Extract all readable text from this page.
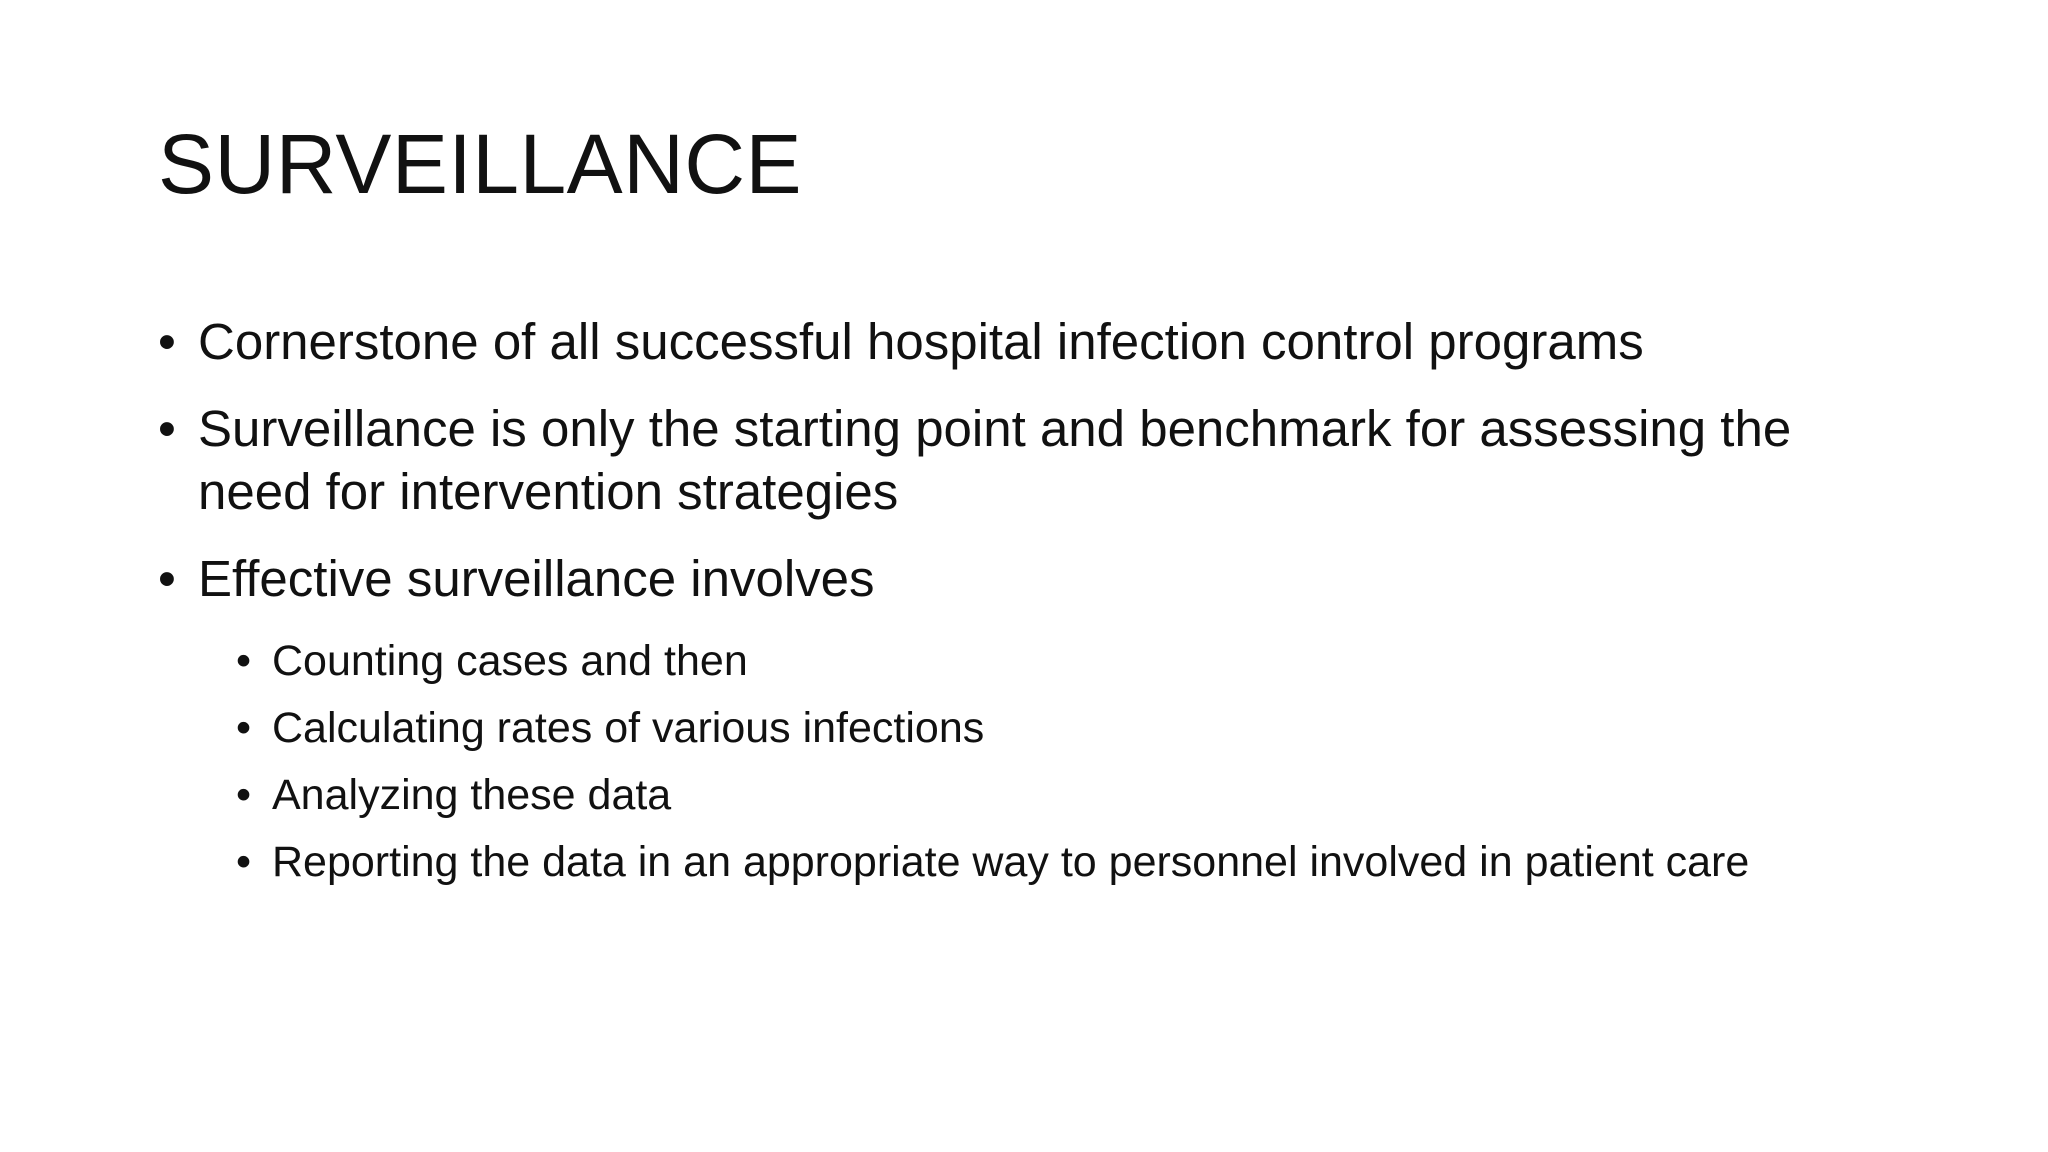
SURVEILLANCE
• Cornerstone of all successful hospital infection control programs
• Surveillance is only the starting point and benchmark for assessing the need for intervention strategies
• Effective surveillance involves
• Counting cases and then
• Calculating rates of various infections
• Analyzing these data
• Reporting the data in an appropriate way to personnel involved in patient care
